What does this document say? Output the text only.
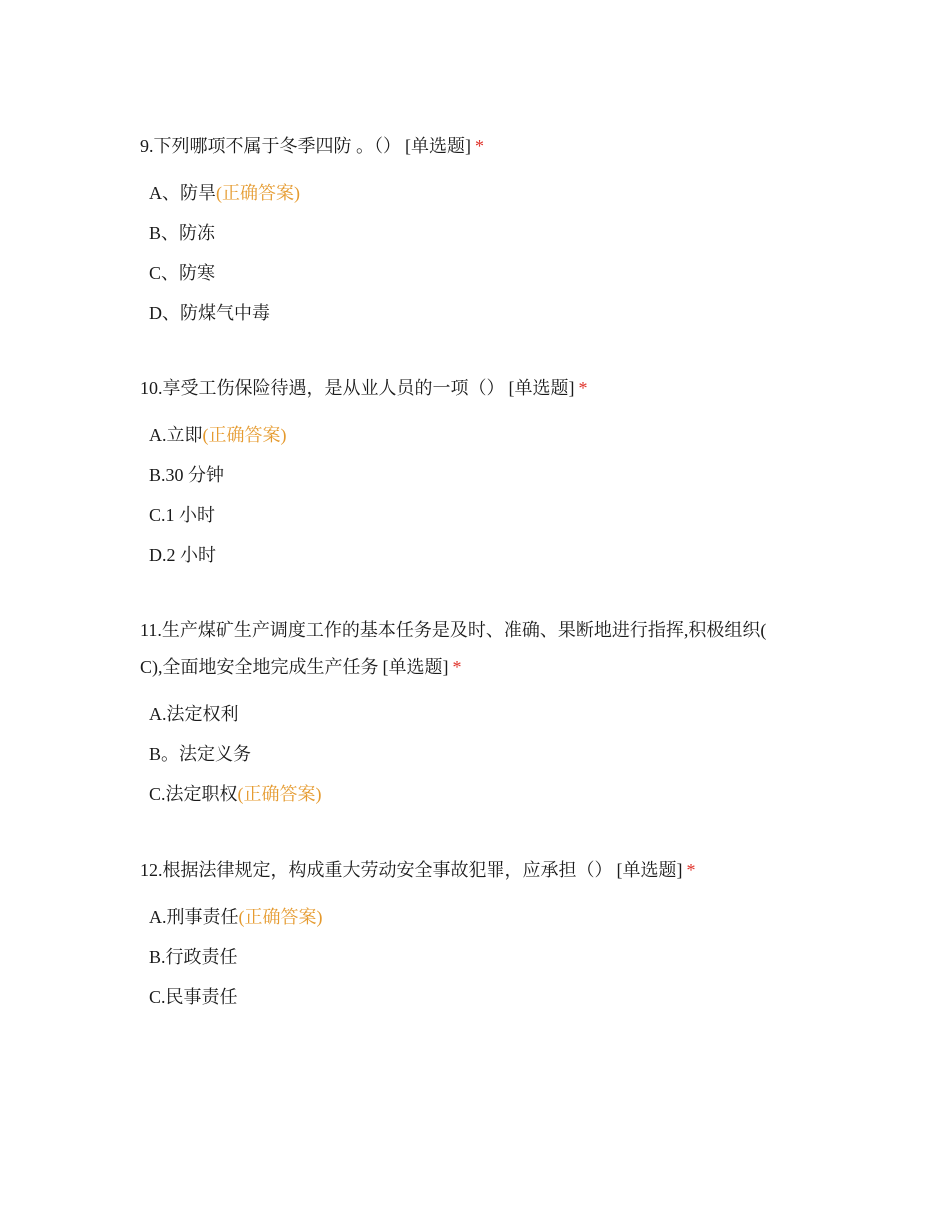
9.下列哪项不属于冬季四防 。（） [单选题] *

A、防旱(正确答案)
B、防冻
C、防寒
D、防煤气中毒

10.享受工伤保险待遇，是从业人员的一项（） [单选题] *

A.立即(正确答案)
B.30 分钟
C.1 小时
D.2 小时

11.生产煤矿生产调度工作的基本任务是及时、准确、果断地进行指挥,积极组织( C),全面地安全地完成生产任务 [单选题] *

A.法定权利
B。法定义务
C.法定职权(正确答案)

12.根据法律规定，构成重大劳动安全事故犯罪，应承担（） [单选题] *

A.刑事责任(正确答案)
B.行政责任
C.民事责任
